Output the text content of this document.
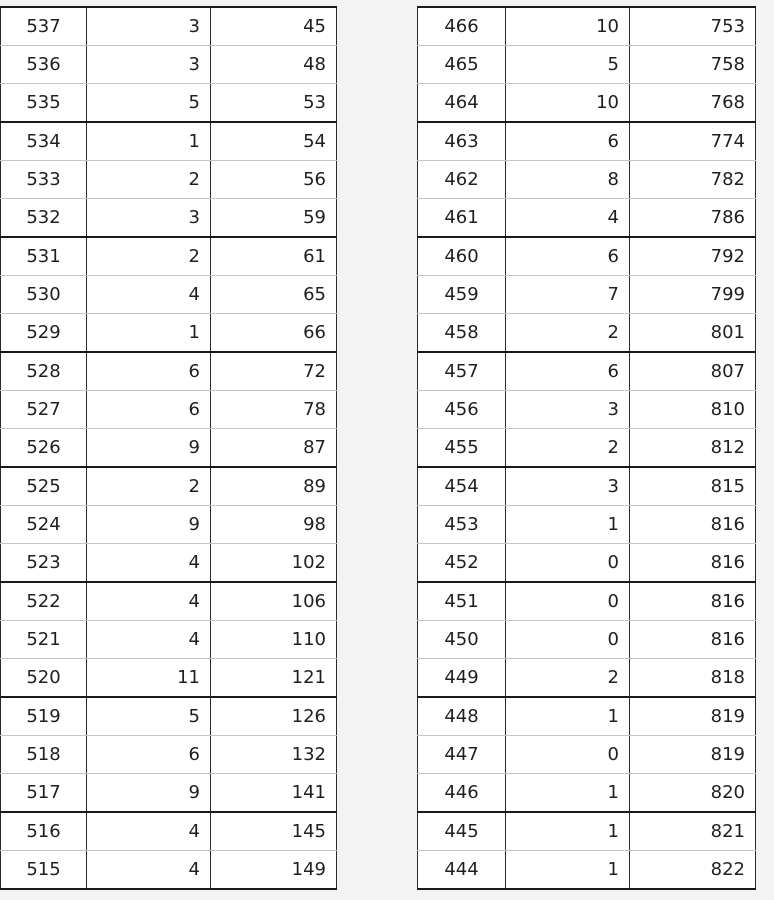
537	3	45
536	3	48
535	5	53
534	1	54
533	2	56
532	3	59
531	2	61
530	4	65
529	1	66
528	6	72
527	6	78
526	9	87
525	2	89
524	9	98
523	4	102
522	4	106
521	4	110
520	11	121
519	5	126
518	6	132
517	9	141
516	4	145
515	4	149
466	10	753
465	5	758
464	10	768
463	6	774
462	8	782
461	4	786
460	6	792
459	7	799
458	2	801
457	6	807
456	3	810
455	2	812
454	3	815
453	1	816
452	0	816
451	0	816
450	0	816
449	2	818
448	1	819
447	0	819
446	1	820
445	1	821
444	1	822
